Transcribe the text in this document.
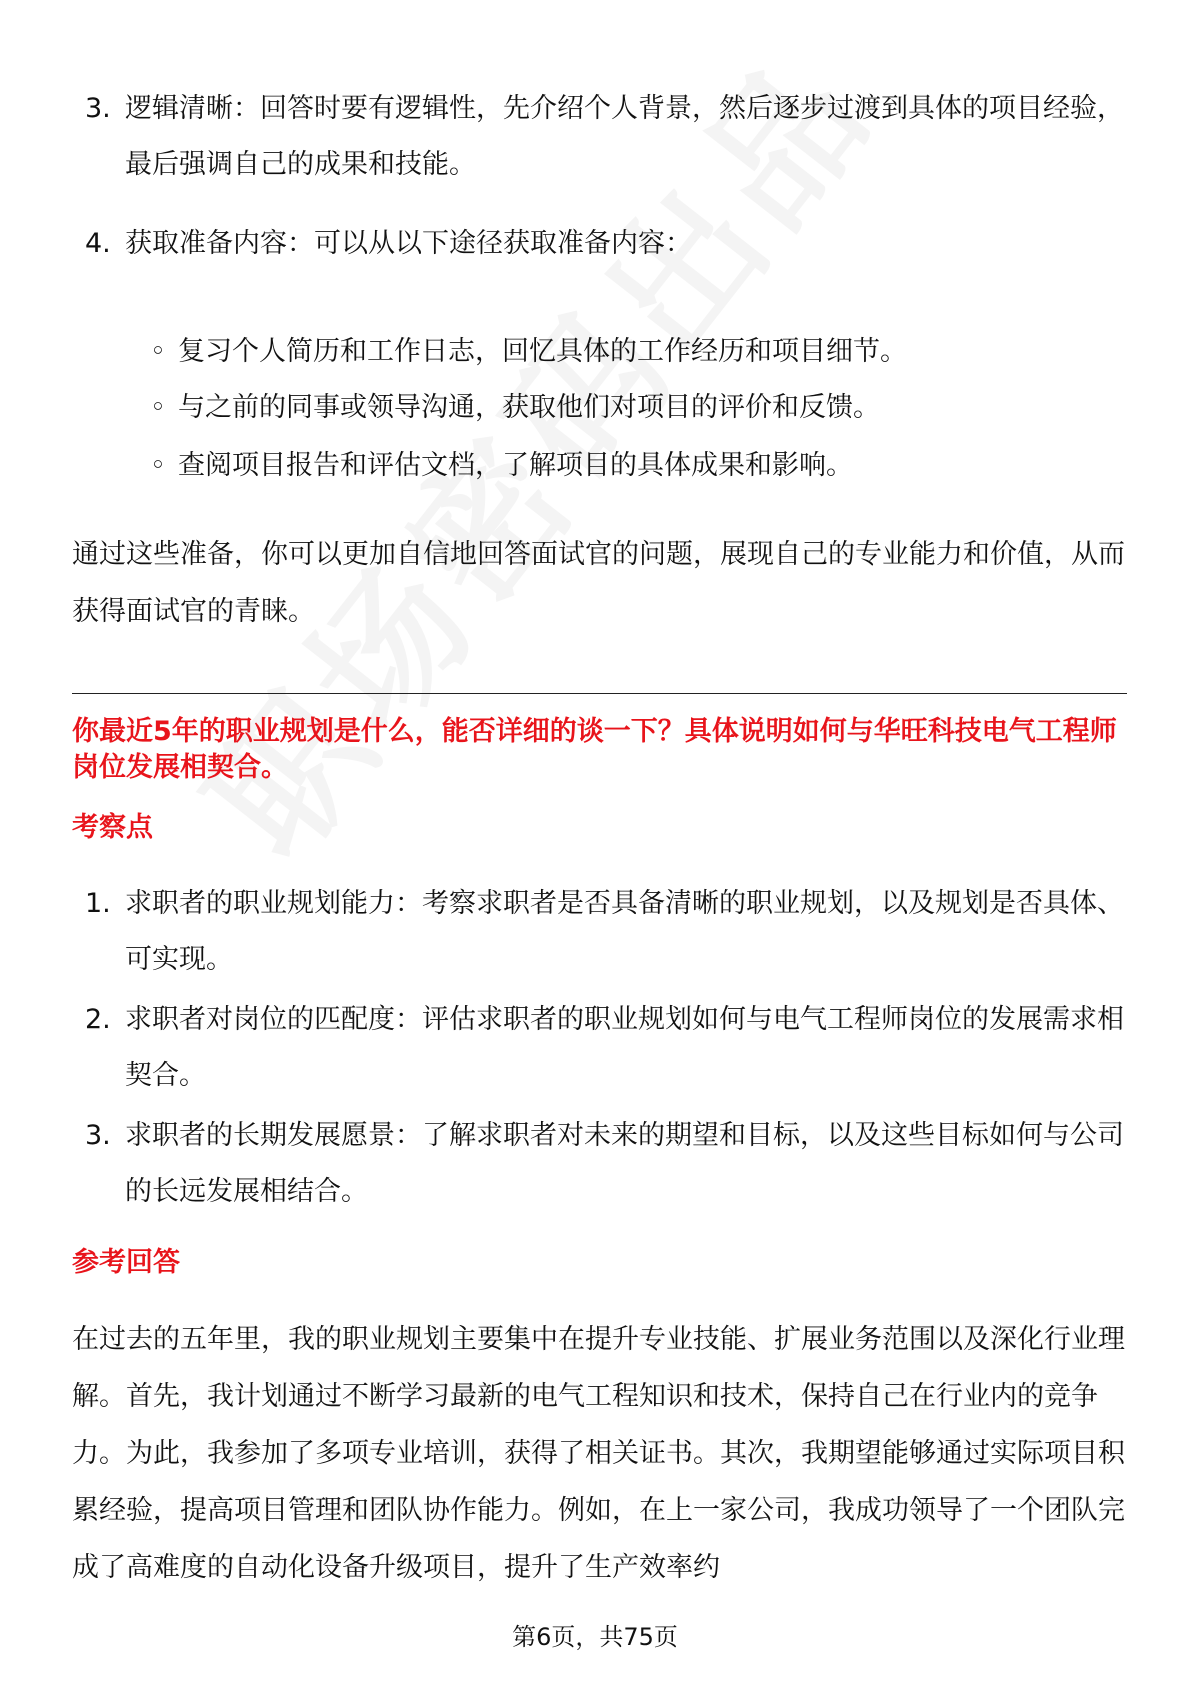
3. 逻辑清晰：回答时要有逻辑性，先介绍个人背景，然后逐步过渡到具体的项目经验，最后强调自己的成果和技能。
4. 获取准备内容：可以从以下途径获取准备内容：
◦ 复习个人简历和工作日志，回忆具体的工作经历和项目细节。
◦ 与之前的同事或领导沟通，获取他们对项目的评价和反馈。
◦ 查阅项目报告和评估文档，了解项目的具体成果和影响。
通过这些准备，你可以更加自信地回答面试官的问题，展现自己的专业能力和价值，从而获得面试官的青睐。
你最近5年的职业规划是什么，能否详细的谈一下？具体说明如何与华旺科技电气工程师岗位发展相契合。
考察点
1. 求职者的职业规划能力：考察求职者是否具备清晰的职业规划，以及规划是否具体、可实现。
2. 求职者对岗位的匹配度：评估求职者的职业规划如何与电气工程师岗位的发展需求相契合。
3. 求职者的长期发展愿景：了解求职者对未来的期望和目标，以及这些目标如何与公司的长远发展相结合。
参考回答
在过去的五年里，我的职业规划主要集中在提升专业技能、扩展业务范围以及深化行业理解。首先，我计划通过不断学习最新的电气工程知识和技术，保持自己在行业内的竞争力。为此，我参加了多项专业培训，获得了相关证书。其次，我期望能够通过实际项目积累经验，提高项目管理和团队协作能力。例如，在上一家公司，我成功领导了一个团队完成了高难度的自动化设备升级项目，提升了生产效率约
第6页，共75页
